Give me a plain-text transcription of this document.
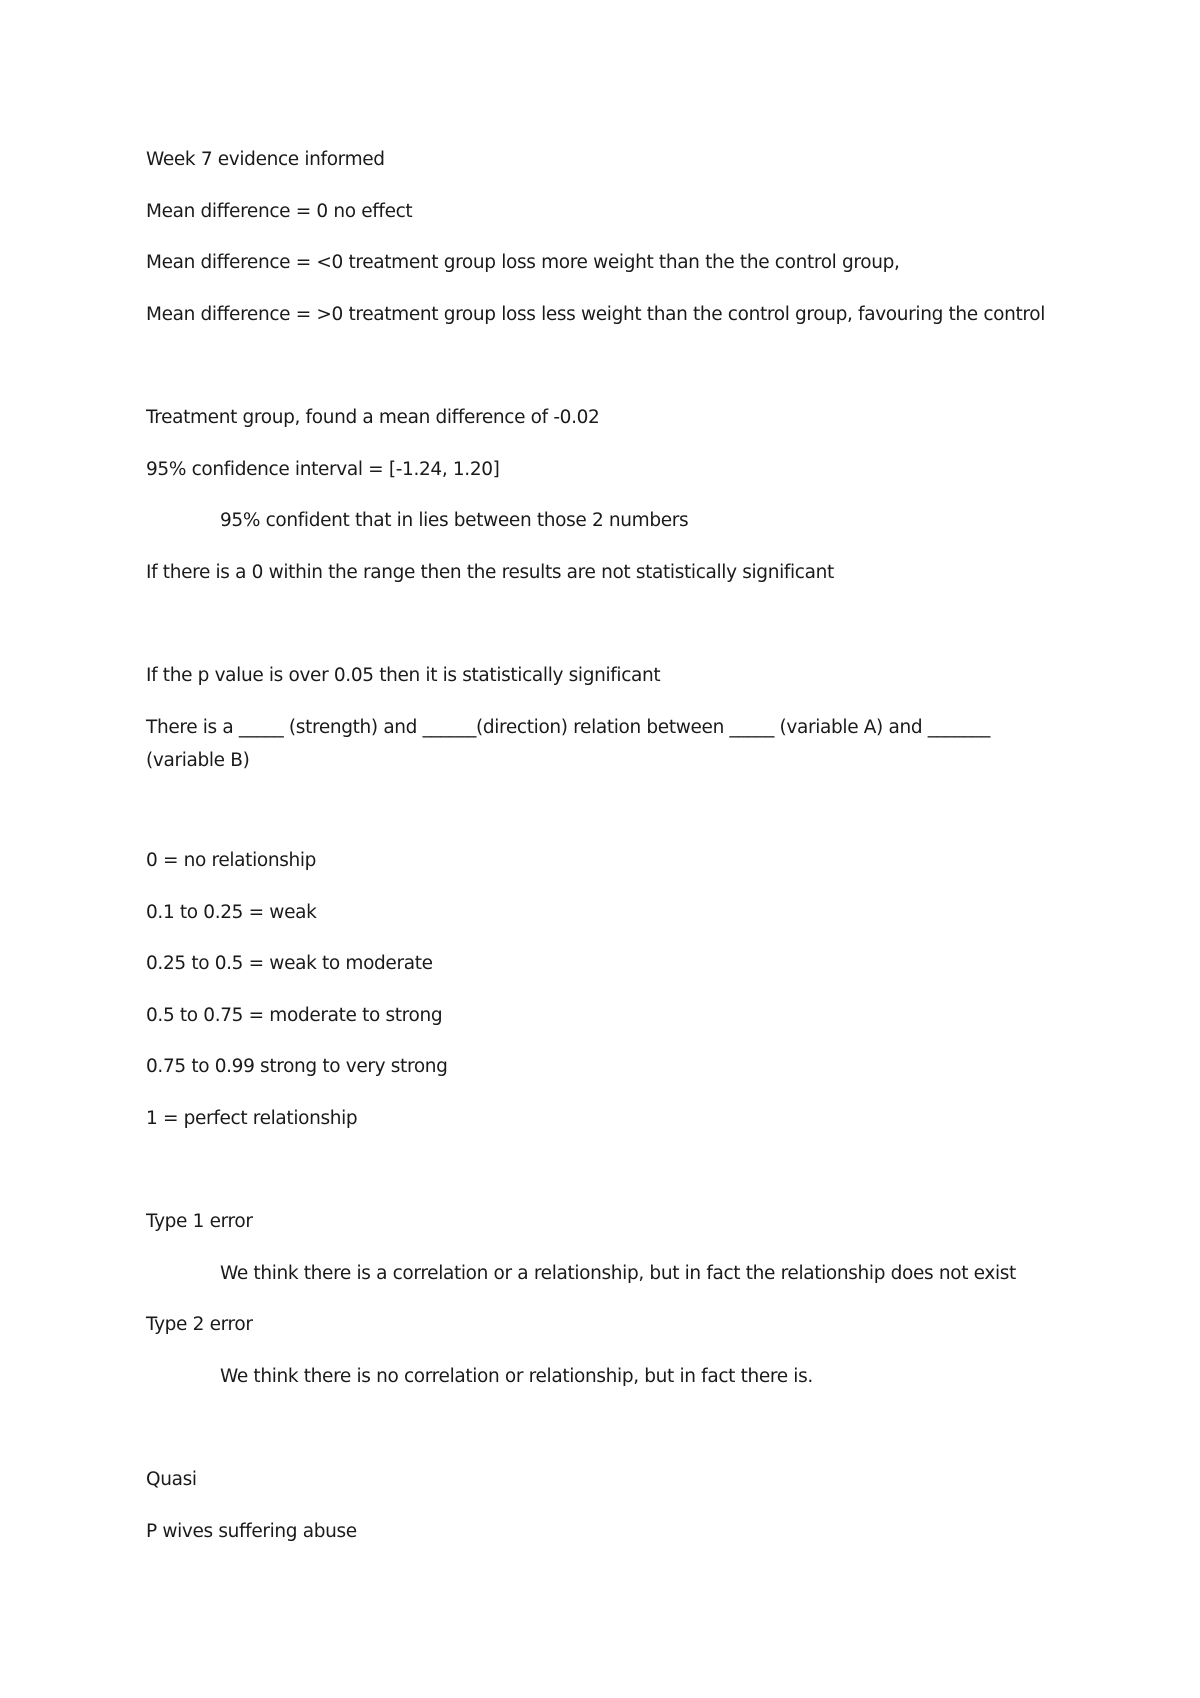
Week 7 evidence informed
Mean difference = 0 no effect
Mean difference = <0 treatment group loss more weight than the the control group,
Mean difference = >0 treatment group loss less weight than the control group, favouring the control
Treatment group, found a mean difference of -0.02
95% confidence interval = [-1.24, 1.20]
95% confident that in lies between those 2 numbers
If there is a 0 within the range then the results are not statistically significant
If the p value is over 0.05 then it is statistically significant
There is a _____ (strength) and ______(direction) relation between _____ (variable A) and _______ (variable B)
0 = no relationship
0.1 to 0.25 = weak
0.25 to 0.5 = weak to moderate
0.5 to 0.75 = moderate to strong
0.75 to 0.99 strong to very strong
1 = perfect relationship
Type 1 error
We think there is a correlation or a relationship, but in fact the relationship does not exist
Type 2 error
We think there is no correlation or relationship, but in fact there is.
Quasi
P wives suffering abuse
